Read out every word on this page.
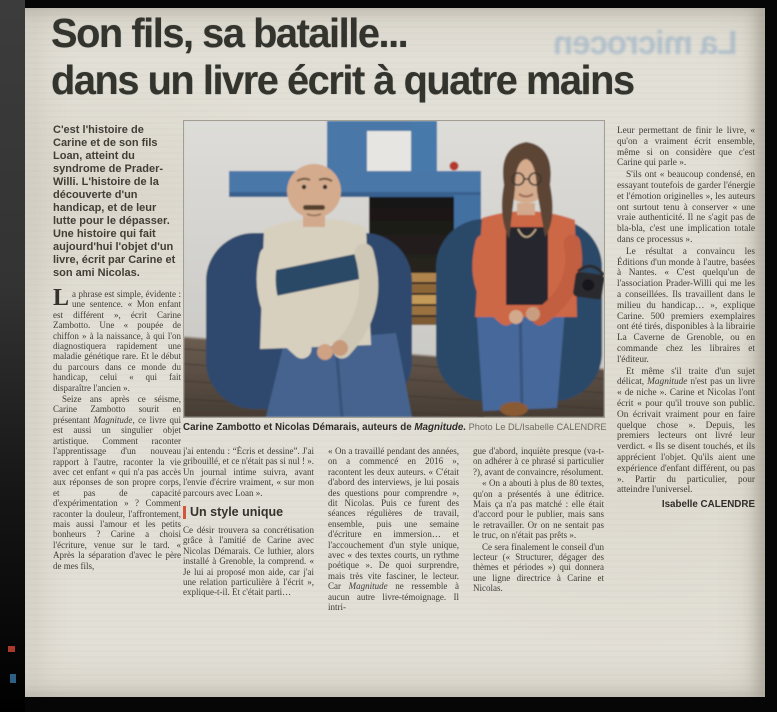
La microcen
Son fils, sa bataille...
dans un livre écrit à quatre mains
C'est l'histoire de Carine et de son fils Loan, atteint du syndrome de Prader-Willi. L'histoire de la découverte d'un handicap, et de leur lutte pour le dépasser. Une histoire qui fait aujourd'hui l'objet d'un livre, écrit par Carine et son ami Nicolas.

La phrase est simple, évidente : une sentence. « Mon enfant est différent », écrit Carine Zambotto. Une « poupée de chiffon » à la naissance, à qui l'on diagnostiquera rapidement une maladie génétique rare. Et le début du parcours dans ce monde du handicap, celui « qui fait disparaître l'ancien ».

Seize ans après ce séisme, Carine Zambotto sourit en présentant Magnitude, ce livre qui est aussi un singulier objet artistique. Comment raconter l'apprentissage d'un nouveau rapport à l'autre, raconter la vie avec cet enfant « qui n'a pas accès aux réponses de son propre corps, et pas de capacité d'expérimentation » ? Comment raconter la douleur, l'affrontement, mais aussi l'amour et les petits bonheurs ? Carine a choisi l'écriture, venue sur le tard. « Après la séparation d'avec le père de mes fils,

Carine Zambotto et Nicolas Démarais, auteurs de Magnitude. Photo Le DL/Isabelle CALENDRE

j'ai entendu : “Écris et dessine”. J'ai gribouillé, et ce n'était pas si nul ! ». Un journal intime suivra, avant l'envie d'écrire vraiment, « sur mon parcours avec Loan ».

Un style unique

Ce désir trouvera sa concrétisation grâce à l'amitié de Carine avec Nicolas Démarais. Ce luthier, alors installé à Grenoble, la comprend. « Je lui ai proposé mon aide, car j'ai une relation particulière à l'écrit », explique-t-il. Et c'était parti…

« On a travaillé pendant des années, on a commencé en 2016 », racontent les deux auteurs. « C'était d'abord des interviews, je lui posais des questions pour comprendre », dit Nicolas. Puis ce furent des séances régulières de travail, ensemble, puis une semaine d'écriture en immersion… et l'accouchement d'un style unique, avec « des textes courts, un rythme poétique ». De quoi surprendre, mais très vite fasciner, le lecteur. Car Magnitude ne ressemble à aucun autre livre-témoignage. Il intri-

gue d'abord, inquiète presque (va-t-on adhérer à ce phrasé si particulier ?), avant de convaincre, résolument.

« On a abouti à plus de 80 textes, qu'on a présentés à une éditrice. Mais ça n'a pas matché : elle était d'accord pour le publier, mais sans le retravailler. Or on ne sentait pas le truc, on n'était pas prêts ».

Ce sera finalement le conseil d'un lecteur (« Structurer, dégager des thèmes et périodes ») qui donnera une ligne directrice à Carine et Nicolas.

Leur permettant de finir le livre, « qu'on a vraiment écrit ensemble, même si on considère que c'est Carine qui parle ».

S'ils ont « beaucoup condensé, en essayant toutefois de garder l'énergie et l'émotion originelles », les auteurs ont surtout tenu à conserver « une vraie authenticité. Il ne s'agit pas de bla-bla, c'est une implication totale dans ce processus ».

Le résultat a convaincu les Éditions d'un monde à l'autre, basées à Nantes. « C'est quelqu'un de l'association Prader-Willi qui me les a conseillées. Ils travaillent dans le milieu du handicap… », explique Carine. 500 premiers exemplaires ont été tirés, disponibles à la librairie La Caverne de Grenoble, ou en commande chez les libraires et l'éditeur.

Et même s'il traite d'un sujet délicat, Magnitude n'est pas un livre « de niche ». Carine et Nicolas l'ont écrit « pour qu'il trouve son public. On écrivait vraiment pour en faire quelque chose ». Depuis, les premiers lecteurs ont livré leur verdict. « Ils se disent touchés, et ils apprécient l'objet. Qu'ils aient une expérience d'enfant différent, ou pas ». Partir du particulier, pour atteindre l'universel.

Isabelle CALENDRE
